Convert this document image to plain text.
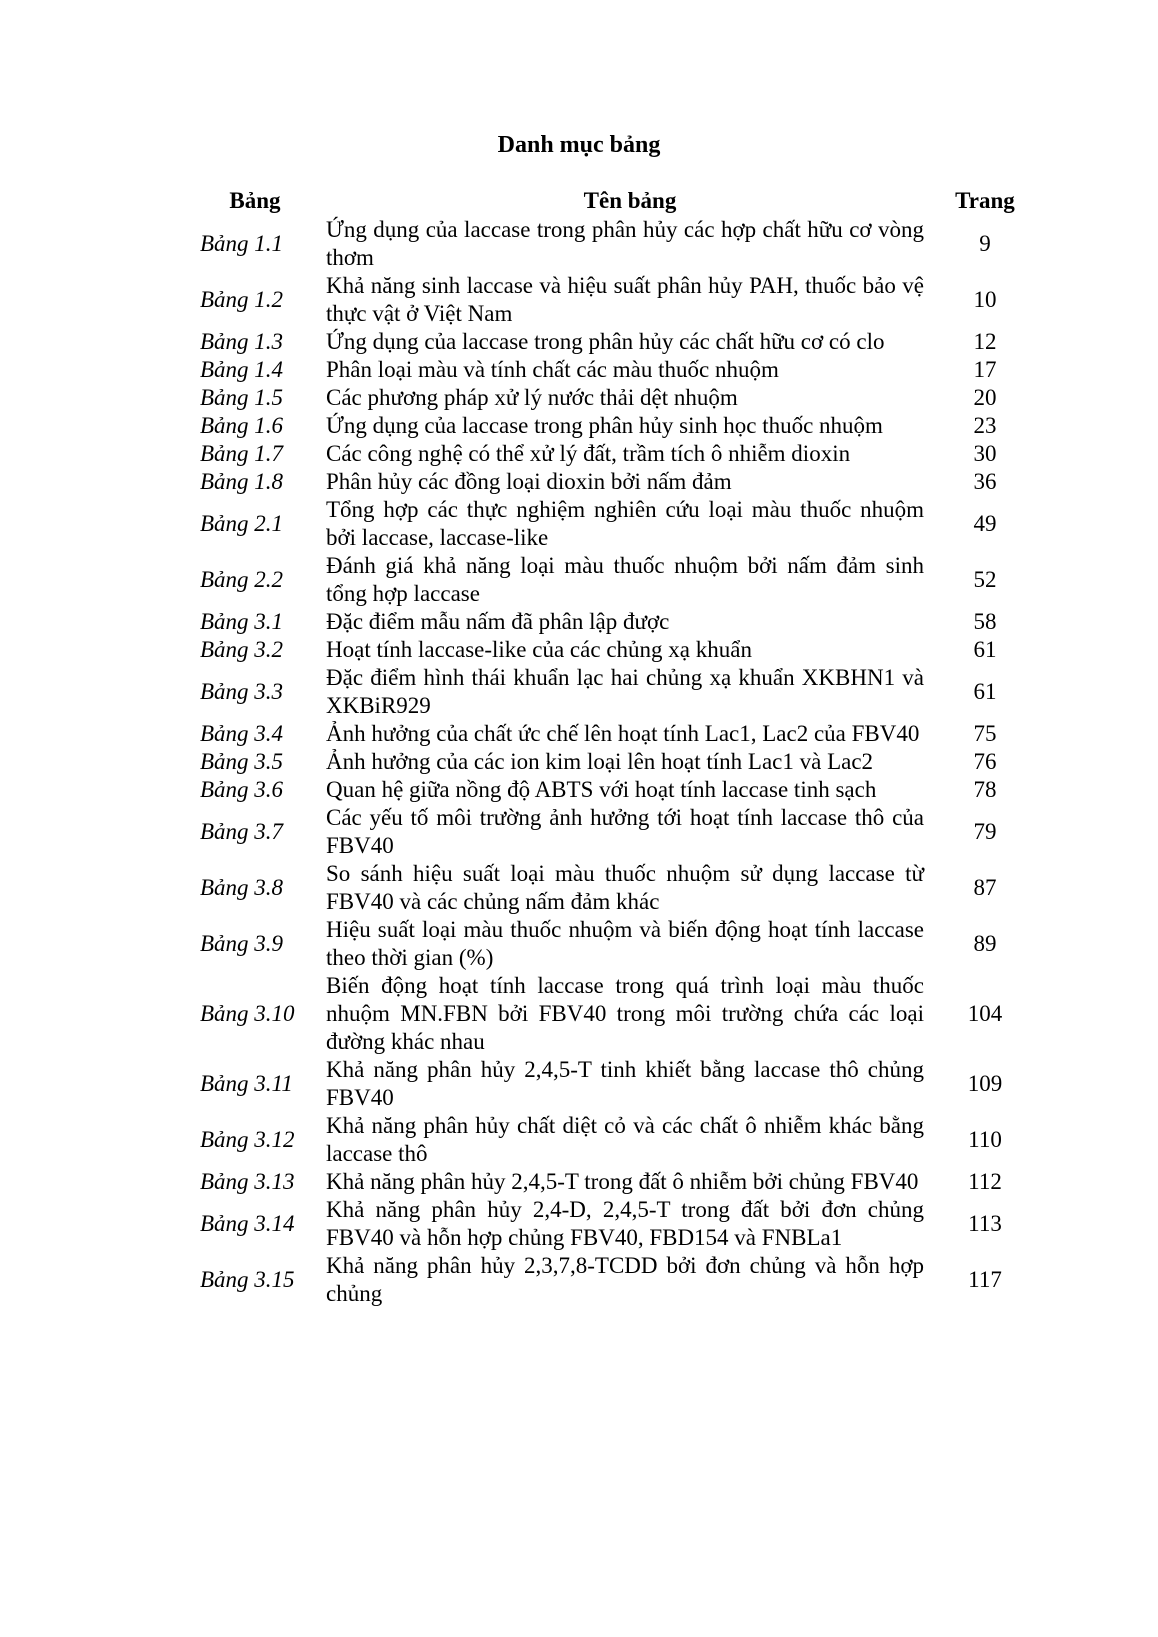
Danh mục bảng
Bảng	Tên bảng	Trang
Bảng 1.1	Ứng dụng của laccase trong phân hủy các hợp chất hữu cơ vòng thơm	9
Bảng 1.2	Khả năng sinh laccase và hiệu suất phân hủy PAH, thuốc bảo vệ thực vật ở Việt Nam	10
Bảng 1.3	Ứng dụng của laccase trong phân hủy các chất hữu cơ có clo	12
Bảng 1.4	Phân loại màu và tính chất các màu thuốc nhuộm	17
Bảng 1.5	Các phương pháp xử lý nước thải dệt nhuộm	20
Bảng 1.6	Ứng dụng của laccase trong phân hủy sinh học thuốc nhuộm	23
Bảng 1.7	Các công nghệ có thể xử lý đất, trầm tích ô nhiễm dioxin	30
Bảng 1.8	Phân hủy các đồng loại dioxin bởi nấm đảm	36
Bảng 2.1	Tổng hợp các thực nghiệm nghiên cứu loại màu thuốc nhuộm bởi laccase, laccase-like	49
Bảng 2.2	Đánh giá khả năng loại màu thuốc nhuộm bởi nấm đảm sinh tổng hợp laccase	52
Bảng 3.1	Đặc điểm mẫu nấm đã phân lập được	58
Bảng 3.2	Hoạt tính laccase-like của các chủng xạ khuẩn	61
Bảng 3.3	Đặc điểm hình thái khuẩn lạc hai chủng xạ khuẩn XKBHN1 và XKBiR929	61
Bảng 3.4	Ảnh hưởng của chất ức chế lên hoạt tính Lac1, Lac2 của FBV40	75
Bảng 3.5	Ảnh hưởng của các ion kim loại lên hoạt tính Lac1 và Lac2	76
Bảng 3.6	Quan hệ giữa nồng độ ABTS với hoạt tính laccase tinh sạch	78
Bảng 3.7	Các yếu tố môi trường ảnh hưởng tới hoạt tính laccase thô của FBV40	79
Bảng 3.8	So sánh hiệu suất loại màu thuốc nhuộm sử dụng laccase từ FBV40 và các chủng nấm đảm khác	87
Bảng 3.9	Hiệu suất loại màu thuốc nhuộm và biến động hoạt tính laccase theo thời gian (%)	89
Bảng 3.10	Biến động hoạt tính laccase trong quá trình loại màu thuốc nhuộm MN.FBN bởi FBV40 trong môi trường chứa các loại đường khác nhau	104
Bảng 3.11	Khả năng phân hủy 2,4,5-T tinh khiết bằng laccase thô chủng FBV40	109
Bảng 3.12	Khả năng phân hủy chất diệt cỏ và các chất ô nhiễm khác bằng laccase thô	110
Bảng 3.13	Khả năng phân hủy 2,4,5-T trong đất ô nhiễm bởi chủng FBV40	112
Bảng 3.14	Khả năng phân hủy 2,4-D, 2,4,5-T trong đất bởi đơn chủng FBV40 và hỗn hợp chủng FBV40, FBD154 và FNBLa1	113
Bảng 3.15	Khả năng phân hủy 2,3,7,8-TCDD bởi đơn chủng và hỗn hợp chủng	117
